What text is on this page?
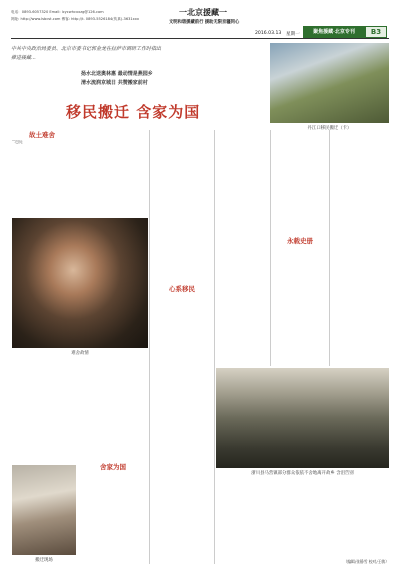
电话：0893-6057320 Email: lcycwhcxxzg@126.com
网址: http://www.lsbcst.com 博客: http://t. 0893-5526184(传真)-3631xxx
一北京援藏一
文明和谐援藏前行 援助无限京疆同心
2016.03.13 星期一	聚焦援藏·北京专刊	B3
中共中央政治局委员、北京市委书记郭金龙在拉萨市调研工作时指出
推进援藏...
扬水北送奥林惠 最动情是燕园乡
清水流润京城日 共赞搬家前村
移民搬迁 含家为国
丹江口移民搬迁（卡）
故土难舍
"宅院
难舍故情
搬迁现场
舍家为国
心系移民
永载史册
浙川县马营镇部分群众依依不舍地离开故乡 含泪告别
（编辑/张静雪 校对/王敏）
